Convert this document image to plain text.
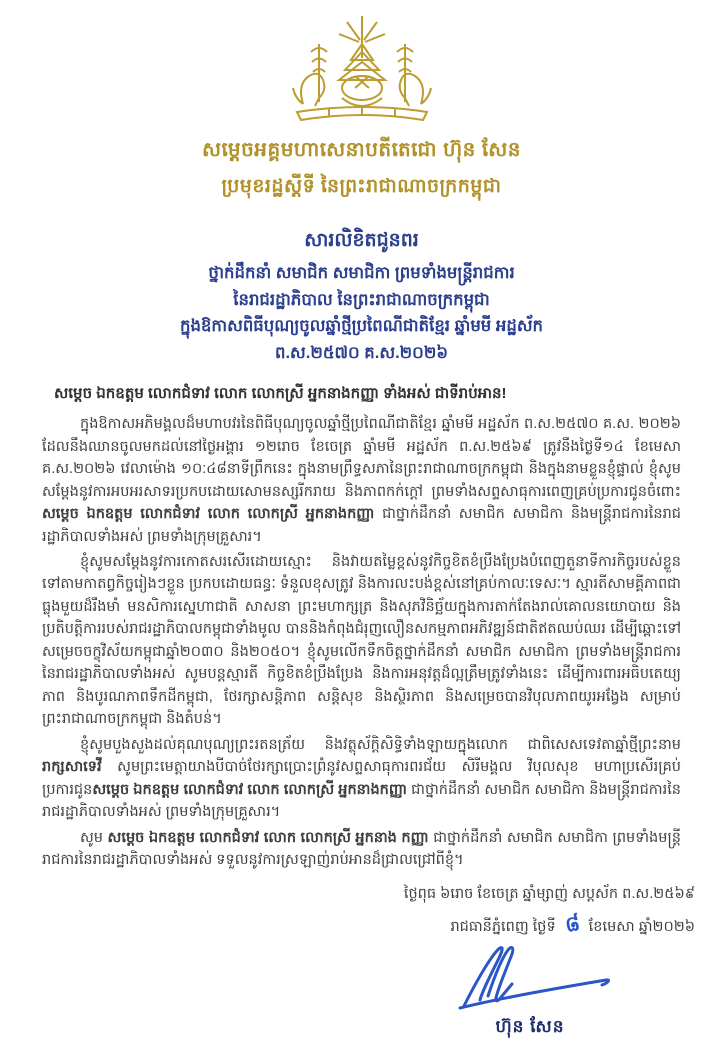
សម្តេចអគ្គមហាសេនាបតីតេជោ ហ៊ុន សែន
ប្រមុខរដ្ឋស្តីទី នៃព្រះរាជាណាចក្រកម្ពុជា
សារលិខិតជូនពរ
ថ្នាក់ដឹកនាំ សមាជិក សមាជិកា ព្រមទាំងមន្ត្រីរាជការ
នៃរាជរដ្ឋាភិបាល នៃព្រះរាជាណាចក្រកម្ពុជា
ក្នុងឱកាសពិធីបុណ្យចូលឆ្នាំថ្មីប្រពៃណីជាតិខ្មែរ ឆ្នាំមមី អដ្ឋស័ក
ព.ស.២៥៧០ គ.ស.២០២៦
សម្តេច ឯកឧត្តម លោកជំទាវ លោក លោកស្រី អ្នកនាងកញ្ញា ទាំងអស់ ជាទីរាប់អាន!

ក្នុងឱកាសអភិមង្គលដ៏មហាបវរនៃពិធីបុណ្យចូលឆ្នាំថ្មីប្រពៃណីជាតិខ្មែរ ឆ្នាំមមី អដ្ឋស័ក ព.ស.២៥៧០ គ.ស. ២០២៦ ដែលនឹងឈានចូលមកដល់នៅថ្ងៃអង្គារ ១២រោច ខែចេត្រ ឆ្នាំមមី អដ្ឋស័ក ព.ស.២៥៦៩ ត្រូវនឹងថ្ងៃទី១៤ ខែមេសា គ.ស.២០២៦ វេលាម៉ោង ១០:៤៨នាទីព្រឹកនេះ ក្នុងនាមព្រឹទ្ធសភានៃព្រះរាជាណាចក្រកម្ពុជា និងក្នុងនាមខ្លួនខ្ញុំផ្ទាល់ ខ្ញុំសូមសម្តែងនូវការអបអរសាទរប្រកបដោយសោមនស្សរីករាយ និងភាពកក់ក្តៅ ព្រមទាំងសព្ទសាធុការពេញគ្រប់ប្រការជូនចំពោះសម្តេច ឯកឧត្តម លោកជំទាវ លោក លោកស្រី អ្នកនាងកញ្ញា ជាថ្នាក់ដឹកនាំ សមាជិក សមាជិកា និងមន្ត្រីរាជការនៃរាជរដ្ឋាភិបាលទាំងអស់ ព្រមទាំងក្រុមគ្រួសារ។

ខ្ញុំសូមសម្តែងនូវការកោតសរសើរដោយស្មោះ និងវាយតម្លៃខ្ពស់នូវកិច្ចខិតខំប្រឹងប្រែងបំពេញតួនាទីការកិច្ចរបស់ខ្លួនទៅតាមកាតព្វកិច្ចរៀងៗខ្លួន ប្រកបដោយធន្ធៈ ទំនួលខុសត្រូវ និងការលះបង់ខ្ពស់នៅគ្រប់កាលៈទេសៈ។ ស្មារតីសាមគ្គីភាពជាធ្លុងមួយដ៏រឹងមាំ មនសិការស្នេហាជាតិ សាសនា ព្រះមហាក្សត្រ និងសុភវិនិច្ឆ័យក្នុងការតាក់តែងរាល់គោលនយោបាយ និងប្រតិបត្តិការរបស់រាជរដ្ឋាភិបាលកម្ពុជាទាំងមូល បាននិងកំពុងជំរុញលឿនសកម្មភាពអភិវឌ្ឍន៍ជាតិឥតឈប់ឈរ ដើម្បីឆ្ពោះទៅសម្រេចចក្ខុវិស័យកម្ពុជាឆ្នាំ២០៣០ និង២០៥០។ ខ្ញុំសូមលើកទឹកចិត្តថ្នាក់ដឹកនាំ សមាជិក សមាជិកា ព្រមទាំងមន្ត្រីរាជការនៃរាជរដ្ឋាភិបាលទាំងអស់ សូមបន្តស្មារតី កិច្ចខិតខំប្រឹងប្រែង និងការអនុវត្តដ៏ល្អត្រឹមត្រូវទាំងនេះ ដើម្បីការពារអធិបតេយ្យភាព និងបូរណភាពទឹកដីកម្ពុជា, ថែរក្សាសន្តិភាព សន្តិសុខ និងស្ថិរភាព និងសម្រេចបានវិបុលភាពយូរអង្វែង សម្រាប់ព្រះរាជាណាចក្រកម្ពុជា និងតំបន់។

ខ្ញុំសូមបួងសួងដល់គុណបុណ្យព្រះរតនត្រ័យ និងវត្ថុស័ក្តិសិទ្ធិទាំងឡាយក្នុងលោក ជាពិសេសទេវតាឆ្នាំថ្មីព្រះនាម រាក្សសាទេវី សូមព្រះមេត្តាយាងបីបាច់ថែរក្សាប្រោះព្រំនូវសព្ទសាធុការពរជ័យ សិរីមង្គល វិបុលសុខ មហាប្រសើរគ្រប់ប្រការជូនសម្តេច ឯកឧត្តម លោកជំទាវ លោក លោកស្រី អ្នកនាងកញ្ញា ជាថ្នាក់ដឹកនាំ សមាជិក សមាជិកា និងមន្ត្រីរាជការនៃរាជរដ្ឋាភិបាលទាំងអស់ ព្រមទាំងក្រុមគ្រួសារ។

សូម សម្តេច ឯកឧត្តម លោកជំទាវ លោក លោកស្រី អ្នកនាង កញ្ញា ជាថ្នាក់ដឹកនាំ សមាជិក សមាជិកា ព្រមទាំងមន្ត្រីរាជការនៃរាជរដ្ឋាភិបាលទាំងអស់ ទទួលនូវការស្រឡាញ់រាប់អានដ៏ជ្រាលជ្រៅពីខ្ញុំ។

ថ្ងៃពុធ ៦រោច ខែចេត្រ ឆ្នាំម្សាញ់ សប្តស័ក ព.ស.២៥៦៩
រាជធានីភ្នំពេញ ថ្ងៃទី ៨ ខែមេសា ឆ្នាំ២០២៦
ហ៊ុន សែន
